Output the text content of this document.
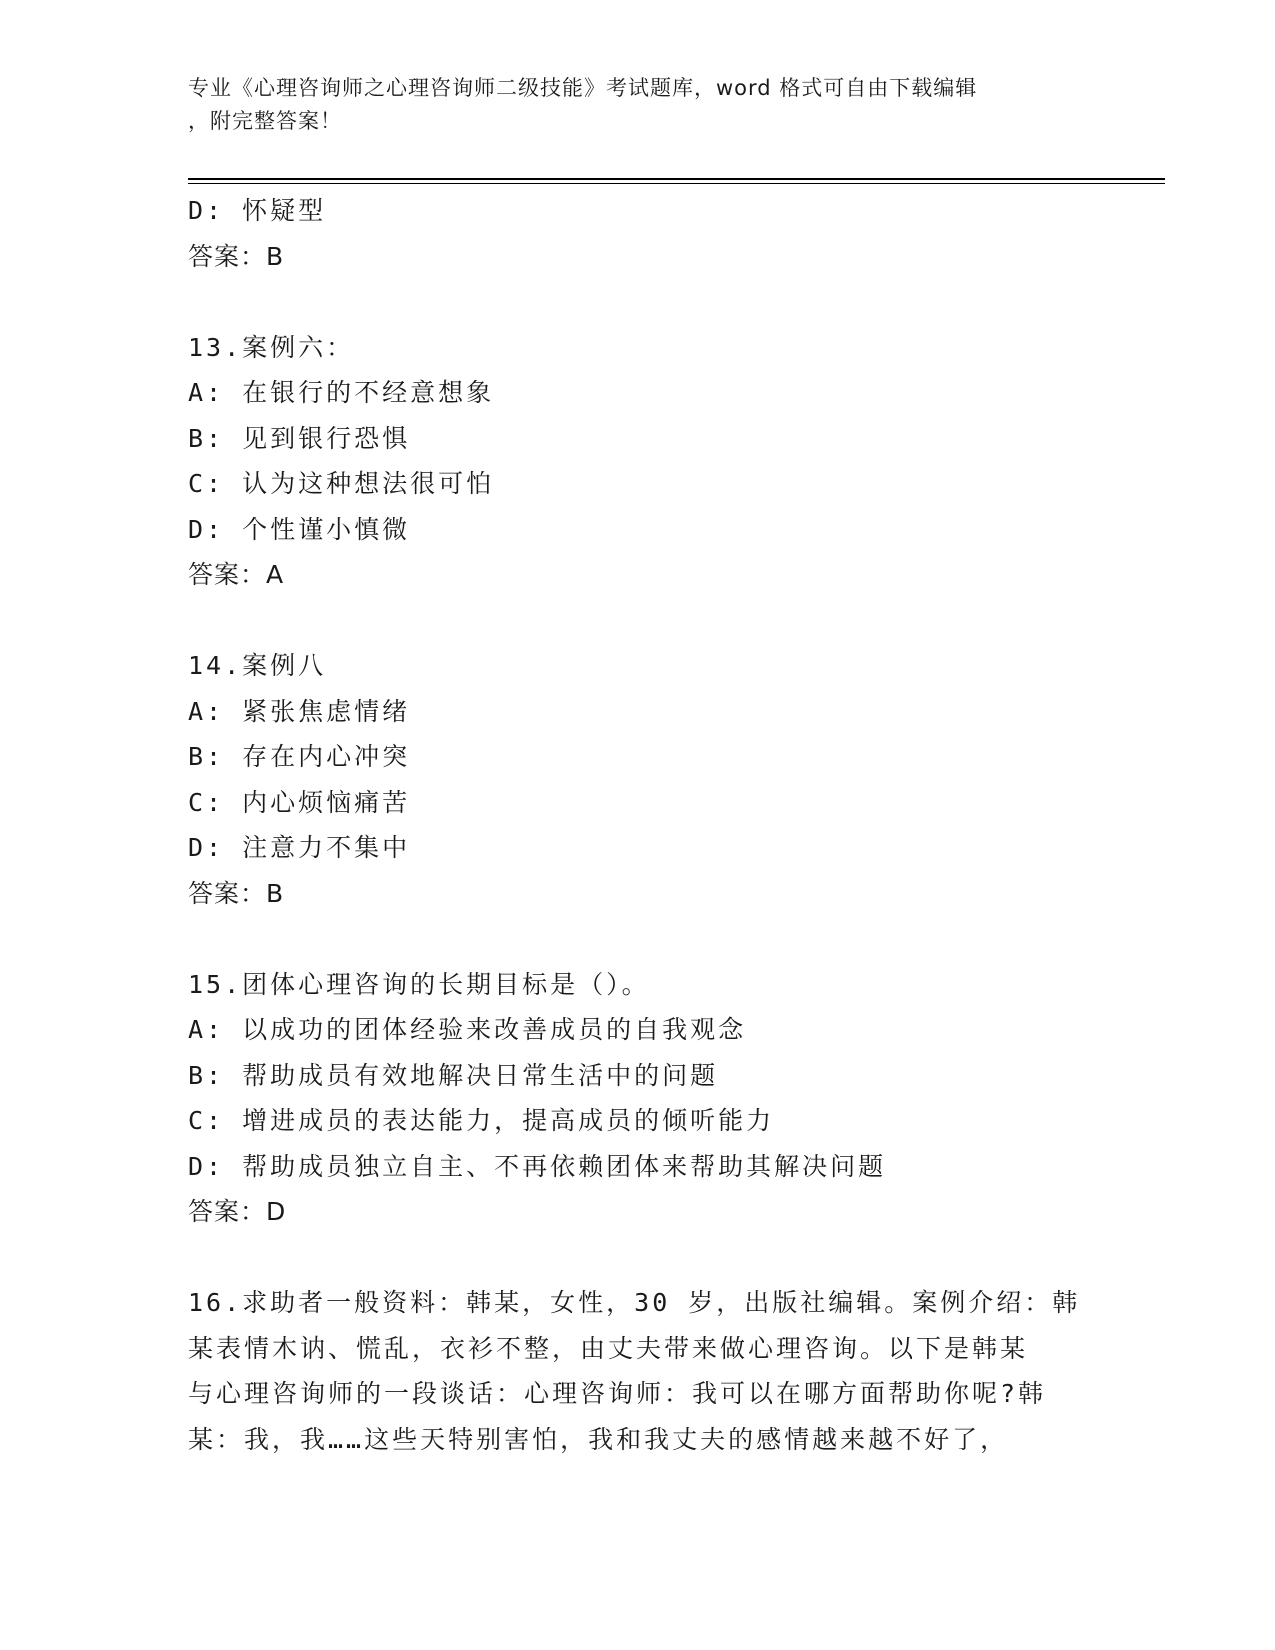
专业《心理咨询师之心理咨询师二级技能》考试题库，word 格式可自由下载编辑
，附完整答案！
D: 怀疑型
答案：B
13.案例六：
A: 在银行的不经意想象
B: 见到银行恐惧
C: 认为这种想法很可怕
D: 个性谨小慎微
答案：A
14.案例八
A: 紧张焦虑情绪
B: 存在内心冲突
C: 内心烦恼痛苦
D: 注意力不集中
答案：B
15.团体心理咨询的长期目标是（）。
A: 以成功的团体经验来改善成员的自我观念
B: 帮助成员有效地解决日常生活中的问题
C: 增进成员的表达能力，提高成员的倾听能力
D: 帮助成员独立自主、不再依赖团体来帮助其解决问题
答案：D
16.求助者一般资料：韩某，女性，30 岁，出版社编辑。案例介绍：韩
某表情木讷、慌乱，衣衫不整，由丈夫带来做心理咨询。以下是韩某
与心理咨询师的一段谈话：心理咨询师：我可以在哪方面帮助你呢?韩
某：我，我……这些天特别害怕，我和我丈夫的感情越来越不好了，
